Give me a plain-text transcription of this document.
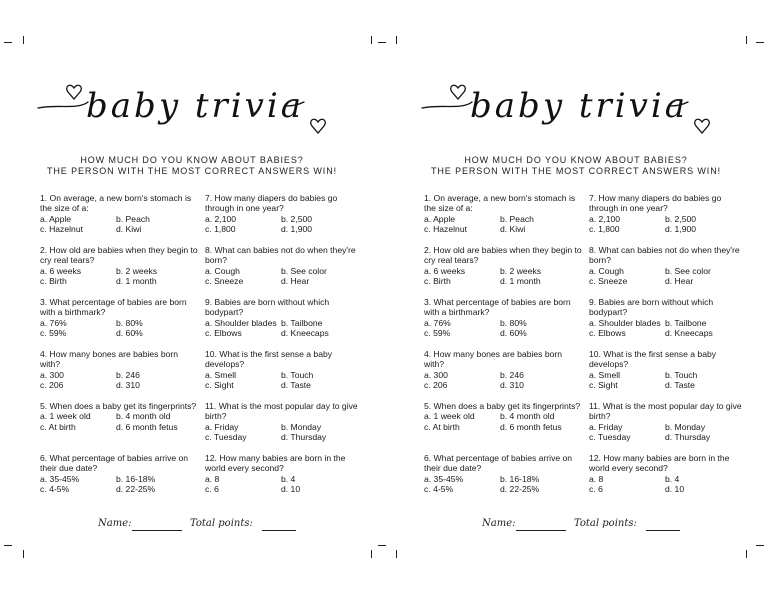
baby trivia
HOW MUCH DO YOU KNOW ABOUT BABIES?
THE PERSON WITH THE MOST CORRECT ANSWERS WIN!
1. On average, a new born's stomach is the size of a:
a. Apple	b. Peach
c. Hazelnut	d. Kiwi
2. How old are babies when they begin to cry real tears?
a. 6 weeks	b. 2 weeks
c. Birth	d. 1 month
3. What percentage of babies are born with a birthmark?
a. 76%	b. 80%
c. 59%	d. 60%
4. How many bones are babies born with?
a. 300	b. 246
c. 206	d. 310
5. When does a baby get its fingerprints?
a. 1 week old	b. 4 month old
c. At birth	d. 6 month fetus
6. What percentage of babies arrive on their due date?
a. 35-45%	b. 16-18%
c. 4-5%	d. 22-25%
7. How many diapers do babies go through in one year?
a. 2,100	b. 2,500
c. 1,800	d. 1,900
8. What can babies not do when they're born?
a. Cough	b. See color
c. Sneeze	d. Hear
9. Babies are born without which bodypart?
a. Shoulder blades b. Tailbone
c. Elbows	d. Kneecaps
10. What is the first sense a baby develops?
a. Smell	b. Touch
c. Sight	d. Taste
11. What is the most popular day to give birth?
a. Friday	b. Monday
c. Tuesday	d. Thursday
12. How many babies are born in the world every second?
a. 8	b. 4
c. 6	d. 10
Name:	Total points:
baby trivia
HOW MUCH DO YOU KNOW ABOUT BABIES?
THE PERSON WITH THE MOST CORRECT ANSWERS WIN!
1. On average, a new born's stomach is the size of a:
a. Apple	b. Peach
c. Hazelnut	d. Kiwi
2. How old are babies when they begin to cry real tears?
a. 6 weeks	b. 2 weeks
c. Birth	d. 1 month
3. What percentage of babies are born with a birthmark?
a. 76%	b. 80%
c. 59%	d. 60%
4. How many bones are babies born with?
a. 300	b. 246
c. 206	d. 310
5. When does a baby get its fingerprints?
a. 1 week old	b. 4 month old
c. At birth	d. 6 month fetus
6. What percentage of babies arrive on their due date?
a. 35-45%	b. 16-18%
c. 4-5%	d. 22-25%
7. How many diapers do babies go through in one year?
a. 2,100	b. 2,500
c. 1,800	d. 1,900
8. What can babies not do when they're born?
a. Cough	b. See color
c. Sneeze	d. Hear
9. Babies are born without which bodypart?
a. Shoulder blades b. Tailbone
c. Elbows	d. Kneecaps
10. What is the first sense a baby develops?
a. Smell	b. Touch
c. Sight	d. Taste
11. What is the most popular day to give birth?
a. Friday	b. Monday
c. Tuesday	d. Thursday
12. How many babies are born in the world every second?
a. 8	b. 4
c. 6	d. 10
Name:	Total points:
